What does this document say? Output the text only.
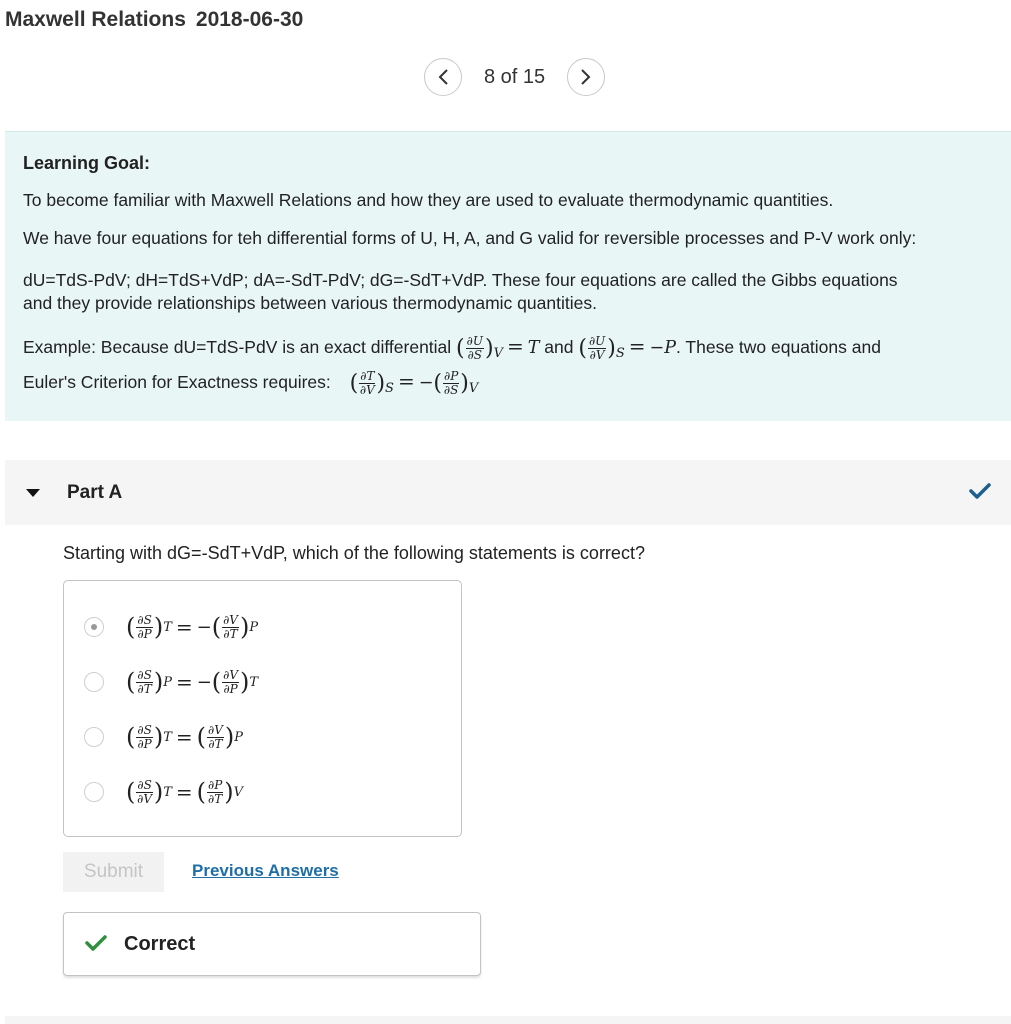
Maxwell Relations 2018-06-30
8 of 15
Learning Goal:
To become familiar with Maxwell Relations and how they are used to evaluate thermodynamic quantities.
We have four equations for teh differential forms of U, H, A, and G valid for reversible processes and P-V work only:
dU=TdS-PdV; dH=TdS+VdP; dA=-SdT-PdV; dG=-SdT+VdP. These four equations are called the Gibbs equations
and they provide relationships between various thermodynamic quantities.
Example: Because dU=TdS-PdV is an exact differential ( $\frac{\partial U}{\partial S} )_V = T$ and ( $\frac{\partial U}{\partial V} )_S = -P$. These two equations and
Euler's Criterion for Exactness requires: ( $\frac{\partial T}{\partial V} )_S$ = −( $\frac{\partial P}{\partial S} )_V$
Part A
Starting with dG=-SdT+VdP, which of the following statements is correct?
( $\frac{\partial S}{\partial P}$ ) T = − ( $\frac{\partial V}{\partial T}$ ) P
( $\frac{\partial S}{\partial T}$ ) P = − ( $\frac{\partial V}{\partial P}$ ) T
( $\frac{\partial S}{\partial P}$ ) T = ( $\frac{\partial V}{\partial T}$ ) P
( $\frac{\partial S}{\partial V}$ ) T = ( $\frac{\partial P}{\partial T}$ ) V
Submit	Previous Answers
Correct
